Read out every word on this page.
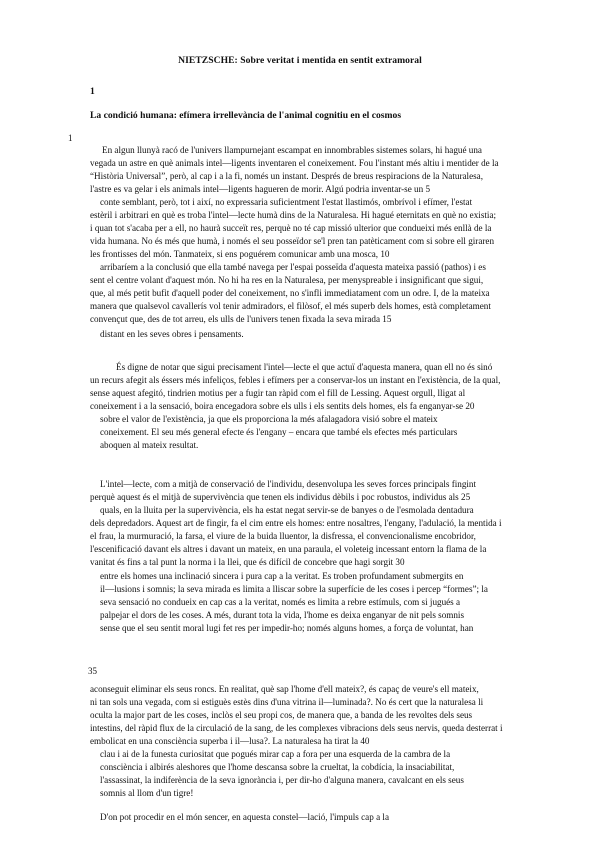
NIETZSCHE: Sobre veritat i mentida en sentit extramoral
1
La condició humana: efímera irrellevància de l'animal cognitiu en el cosmos
1
35
En algun llunyà racó de l'univers llampurnejant escampat en innombrables sistemes solars, hi hagué una
vegada un astre en què animals intel—ligents inventaren el coneixement. Fou l'instant més altiu i mentider de la
“Història Universal”, però, al cap i a la fi, només un instant. Després de breus respiracions de la Naturalesa,
l'astre es va gelar i els animals intel—ligents hagueren de morir. Algú podria inventar-se un 5
conte semblant, però, tot i així, no expressaria suficientment l'estat llastimós, ombrívol i efímer, l'estat
estèril i arbitrari en què es troba l'intel—lecte humà dins de la Naturalesa. Hi hagué eternitats en què no existia;
i quan tot s'acaba per a ell, no haurà succeït res, perquè no té cap missió ulterior que condueixi més enllà de la
vida humana. No és més que humà, i només el seu posseïdor se'l pren tan patèticament com si sobre ell giraren
les frontisses del món. Tanmateix, si ens poguérem comunicar amb una mosca, 10
arribaríem a la conclusió que ella també navega per l'espai posseïda d'aquesta mateixa passió (pathos) i es
sent el centre volant d'aquest món. No hi ha res en la Naturalesa, per menyspreable i insignificant que sigui,
que, al més petit bufit d'aquell poder del coneixement, no s'infli immediatament com un odre. I, de la mateixa
manera que qualsevol cavallerís vol tenir admiradors, el filòsof, el més superb dels homes, està completament
convençut que, des de tot arreu, els ulls de l'univers tenen fixada la seva mirada 15
distant en les seves obres i pensaments.
És digne de notar que sigui precisament l'intel—lecte el que actuï d'aquesta manera, quan ell no és sinó
un recurs afegit als éssers més infeliços, febles i efímers per a conservar-los un instant en l'existència, de la qual,
sense aquest afegitó, tindrien motius per a fugir tan ràpid com el fill de Lessing. Aquest orgull, lligat al
coneixement i a la sensació, boira encegadora sobre els ulls i els sentits dels homes, els fa enganyar-se 20
sobre el valor de l'existència, ja que els proporciona la més afalagadora visió sobre el mateix
coneixement. El seu més general efecte és l'engany – encara que també els efectes més particulars
aboquen al mateix resultat.
L'intel—lecte, com a mitjà de conservació de l'individu, desenvolupa les seves forces principals fingint
perquè aquest és el mitjà de supervivència que tenen els individus dèbils i poc robustos, individus als 25
quals, en la lluita per la supervivència, els ha estat negat servir-se de banyes o de l'esmolada dentadura
dels depredadors. Aquest art de fingir, fa el cim entre els homes: entre nosaltres, l'engany, l'adulació, la mentida i
el frau, la murmuració, la farsa, el viure de la buida lluentor, la disfressa, el convencionalisme encobridor,
l'escenificació davant els altres i davant un mateix, en una paraula, el voleteig incessant entorn la flama de la
vanitat és fins a tal punt la norma i la llei, que és difícil de concebre que hagi sorgit 30
entre els homes una inclinació sincera i pura cap a la veritat. Es troben profundament submergits en
il—lusions i somnis; la seva mirada es limita a lliscar sobre la superfície de les coses i percep “formes”; la
seva sensació no condueix en cap cas a la veritat, només es limita a rebre estímuls, com si jugués a
palpejar el dors de les coses. A més, durant tota la vida, l'home es deixa enganyar de nit pels somnis
sense que el seu sentit moral lugi fet res per impedir-ho; només alguns homes, a força de voluntat, han
aconseguit eliminar els seus roncs. En realitat, què sap l'home d'ell mateix?, és capaç de veure's ell mateix,
ni tan sols una vegada, com si estiguès estès dins d'una vitrina il—luminada?. No és cert que la naturalesa li
oculta la major part de les coses, inclòs el seu propi cos, de manera que, a banda de les revoltes dels seus
intestins, del ràpid flux de la circulació de la sang, de les complexes vibracions dels seus nervis, queda desterrat i
embolicat en una consciència superba i il—lusa?. La naturalesa ha tirat la 40
clau i ai de la funesta curiositat que pogués mirar cap a fora per una esquerda de la cambra de la
consciència i albirés aleshores que l'home descansa sobre la crueltat, la cobdícia, la insaciabilitat,
l'assassinat, la indiferència de la seva ignorància i, per dir-ho d'alguna manera, cavalcant en els seus
somnis al llom d'un tigre!
D'on pot procedir en el món sencer, en aquesta constel—lació, l'impuls cap a la
